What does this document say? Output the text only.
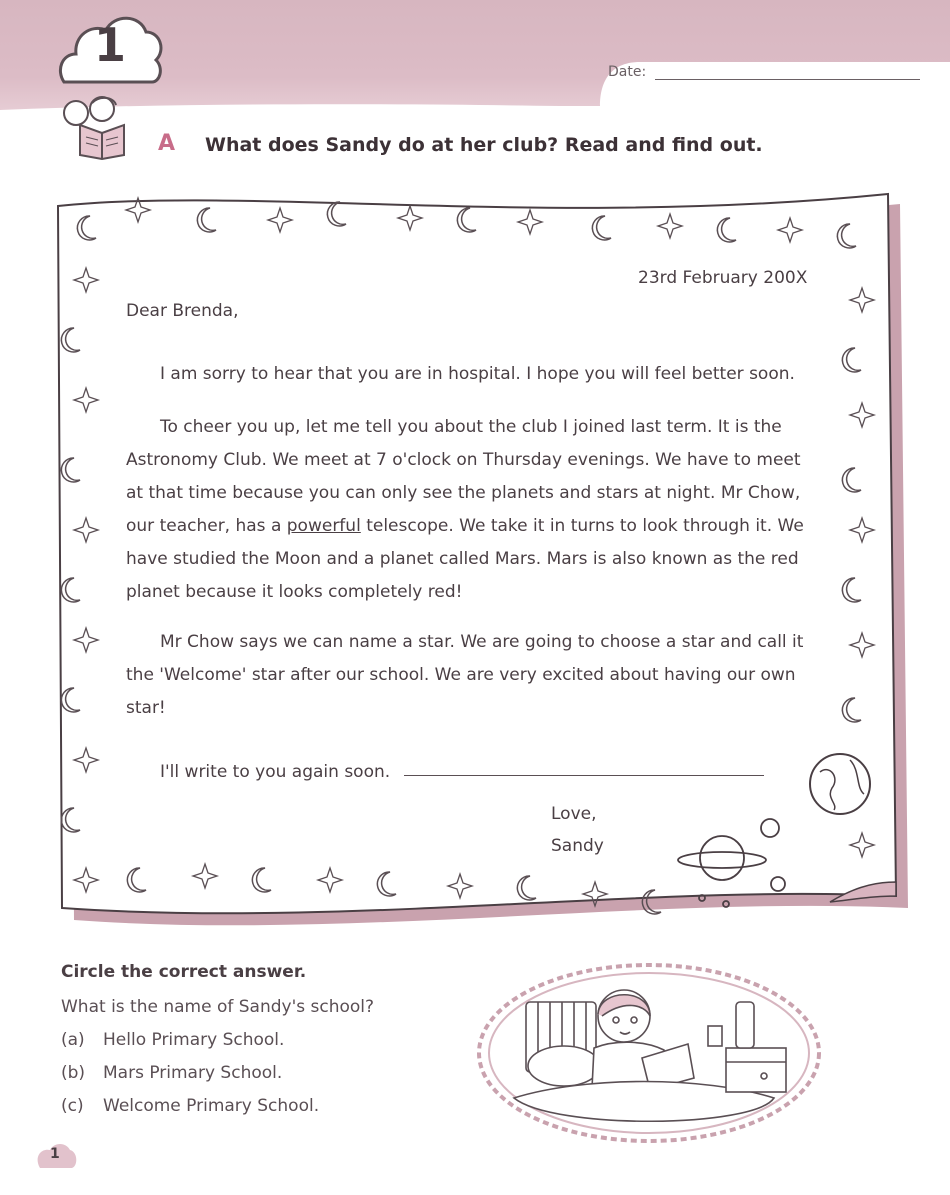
1	Date:
A What does Sandy do at her club? Read and find out.
23rd February 200X
Dear Brenda,
I am sorry to hear that you are in hospital. I hope you will feel better soon.
To cheer you up, let me tell you about the club I joined last term. It is the Astronomy Club. We meet at 7 o'clock on Thursday evenings. We have to meet at that time because you can only see the planets and stars at night. Mr Chow, our teacher, has a powerful telescope. We take it in turns to look through it. We have studied the Moon and a planet called Mars. Mars is also known as the red planet because it looks completely red!
Mr Chow says we can name a star. We are going to choose a star and call it the 'Welcome' star after our school. We are very excited about having our own star!
I'll write to you again soon.
Love,
Sandy
Circle the correct answer.
What is the name of Sandy's school?
(a) Hello Primary School.
(b) Mars Primary School.
(c) Welcome Primary School.
1
